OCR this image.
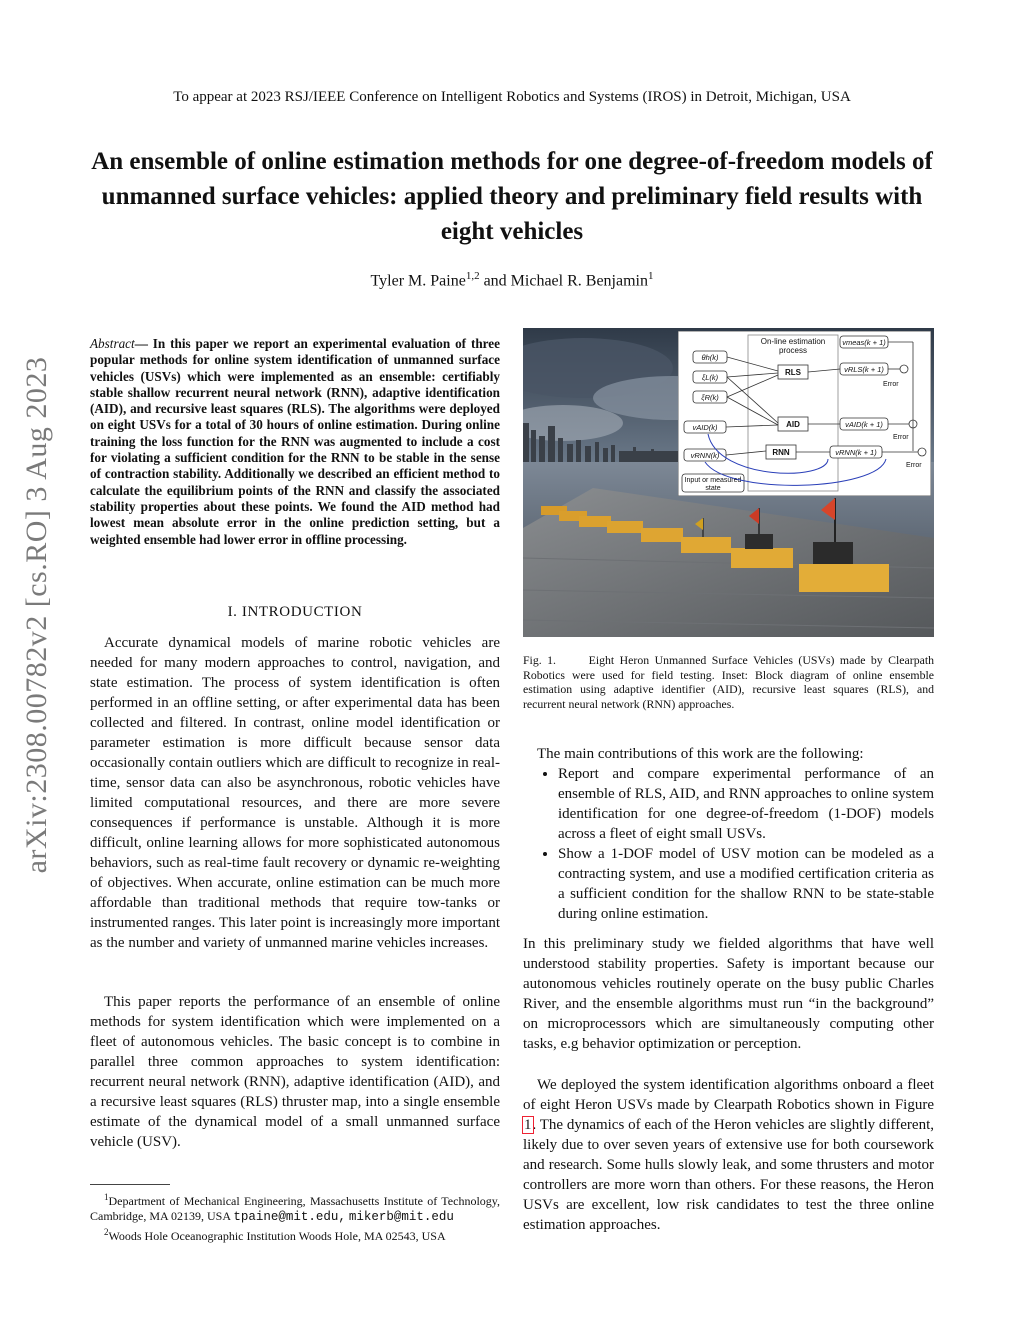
To appear at 2023 RSJ/IEEE Conference on Intelligent Robotics and Systems (IROS) in Detroit, Michigan, USA
An ensemble of online estimation methods for one degree-of-freedom models of unmanned surface vehicles: applied theory and preliminary field results with eight vehicles
Tyler M. Paine$^{1,2}$ and Michael R. Benjamin$^1$
arXiv:2308.00782v2 [cs.RO] 3 Aug 2023
Abstract— In this paper we report an experimental evaluation of three popular methods for online system identification of unmanned surface vehicles (USVs) which were implemented as an ensemble: certifiably stable shallow recurrent neural network (RNN), adaptive identification (AID), and recursive least squares (RLS). The algorithms were deployed on eight USVs for a total of 30 hours of online estimation. During online training the loss function for the RNN was augmented to include a cost for violating a sufficient condition for the RNN to be stable in the sense of contraction stability. Additionally we described an efficient method to calculate the equilibrium points of the RNN and classify the associated stability properties about these points. We found the AID method had lowest mean absolute error in the online prediction setting, but a weighted ensemble had lower error in offline processing.
I. INTRODUCTION

Accurate dynamical models of marine robotic vehicles are needed for many modern approaches to control, navigation, and state estimation. The process of system identification is often performed in an offline setting, or after experimental data has been collected and filtered. In contrast, online model identification or parameter estimation is more difficult because sensor data occasionally contain outliers which are difficult to recognize in real-time, sensor data can also be asynchronous, robotic vehicles have limited computational resources, and there are more severe consequences if performance is unstable. Although it is more difficult, online learning allows for more sophisticated autonomous behaviors, such as real-time fault recovery or dynamic re-weighting of objectives. When accurate, online estimation can be much more affordable than traditional methods that require tow-tanks or instrumented ranges. This later point is increasingly more important as the number and variety of unmanned marine vehicles increases.

This paper reports the performance of an ensemble of online methods for system identification which were implemented on a fleet of autonomous vehicles. The basic concept is to combine in parallel three common approaches to system identification: recurrent neural network (RNN), adaptive identification (AID), and a recursive least squares (RLS) thruster map, into a single ensemble estimate of the dynamical model of a small unmanned surface vehicle (USV).

$^1$Department of Mechanical Engineering, Massachusetts Institute of Technology, Cambridge, MA 02139, USA tpaine@mit.edu, mikerb@mit.edu
$^2$Woods Hole Oceanographic Institution Woods Hole, MA 02543, USA
On-line estimation
process
θh(k)
ξL(k)
ξR(k)
vAID(k)
vRNN(k)
vmeas(k + 1)
vRLS(k + 1)
vAID(k + 1)
vRNN(k + 1)
RLS
AID
RNN
Error
Error
Error
Input or measured
state
Fig. 1.	Eight Heron Unmanned Surface Vehicles (USVs) made by Clearpath Robotics were used for field testing. Inset: Block diagram of online ensemble estimation using adaptive identifier (AID), recursive least squares (RLS), and recurrent neural network (RNN) approaches.

The main contributions of this work are the following:

• Report and compare experimental performance of an ensemble of RLS, AID, and RNN approaches to online system identification for one degree-of-freedom (1-DOF) models across a fleet of eight small USVs.
• Show a 1-DOF model of USV motion can be modeled as a contracting system, and use a modified certification criteria as a sufficient condition for the shallow RNN to be state-stable during online estimation.

In this preliminary study we fielded algorithms that have well understood stability properties. Safety is important because our autonomous vehicles routinely operate on the busy public Charles River, and the ensemble algorithms must run “in the background” on microprocessors which are simultaneously computing other tasks, e.g behavior optimization or perception.

We deployed the system identification algorithms onboard a fleet of eight Heron USVs made by Clearpath Robotics shown in Figure 1. The dynamics of each of the Heron vehicles are slightly different, likely due to over seven years of extensive use for both coursework and research. Some hulls slowly leak, and some thrusters and motor controllers are more worn than others. For these reasons, the Heron USVs are excellent, low risk candidates to test the three online estimation approaches.
